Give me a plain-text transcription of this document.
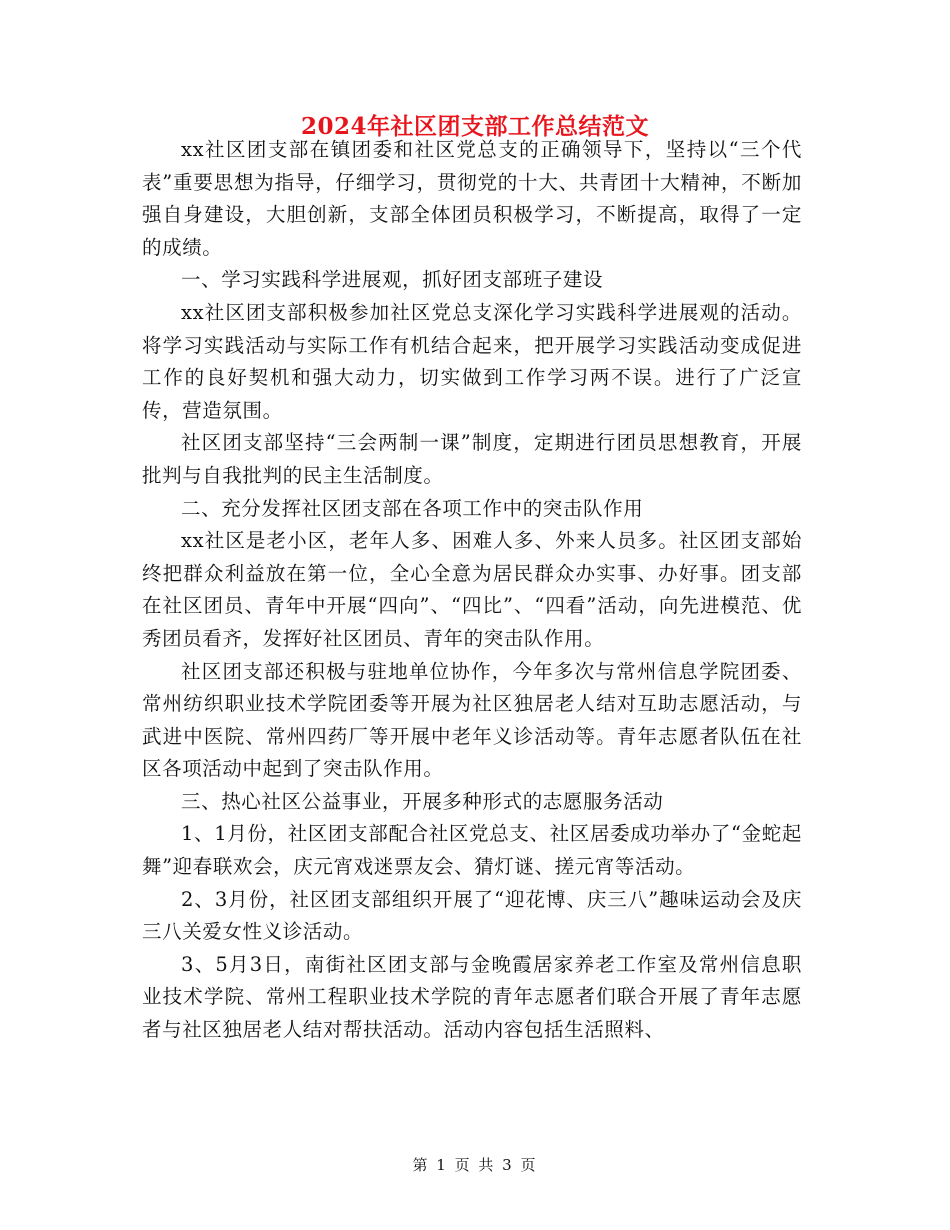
2024年社区团支部工作总结范文

xx社区团支部在镇团委和社区党总支的正确领导下，坚持以“三个代表”重要思想为指导，仔细学习，贯彻党的十大、共青团十大精神，不断加强自身建设，大胆创新，支部全体团员积极学习，不断提高，取得了一定的成绩。

一、学习实践科学进展观，抓好团支部班子建设

xx社区团支部积极参加社区党总支深化学习实践科学进展观的活动。将学习实践活动与实际工作有机结合起来，把开展学习实践活动变成促进工作的良好契机和强大动力，切实做到工作学习两不误。进行了广泛宣传，营造氛围。

社区团支部坚持“三会两制一课”制度，定期进行团员思想教育，开展批判与自我批判的民主生活制度。

二、充分发挥社区团支部在各项工作中的突击队作用

xx社区是老小区，老年人多、困难人多、外来人员多。社区团支部始终把群众利益放在第一位，全心全意为居民群众办实事、办好事。团支部在社区团员、青年中开展“四向”、“四比”、“四看”活动，向先进模范、优秀团员看齐，发挥好社区团员、青年的突击队作用。

社区团支部还积极与驻地单位协作，今年多次与常州信息学院团委、常州纺织职业技术学院团委等开展为社区独居老人结对互助志愿活动，与武进中医院、常州四药厂等开展中老年义诊活动等。青年志愿者队伍在社区各项活动中起到了突击队作用。

三、热心社区公益事业，开展多种形式的志愿服务活动

1、1月份，社区团支部配合社区党总支、社区居委成功举办了“金蛇起舞”迎春联欢会，庆元宵戏迷票友会、猜灯谜、搓元宵等活动。

2、3月份，社区团支部组织开展了“迎花博、庆三八”趣味运动会及庆三八关爱女性义诊活动。

3、5月3日，南街社区团支部与金晚霞居家养老工作室及常州信息职业技术学院、常州工程职业技术学院的青年志愿者们联合开展了青年志愿者与社区独居老人结对帮扶活动。活动内容包括生活照料、

第 1 页 共 3 页
